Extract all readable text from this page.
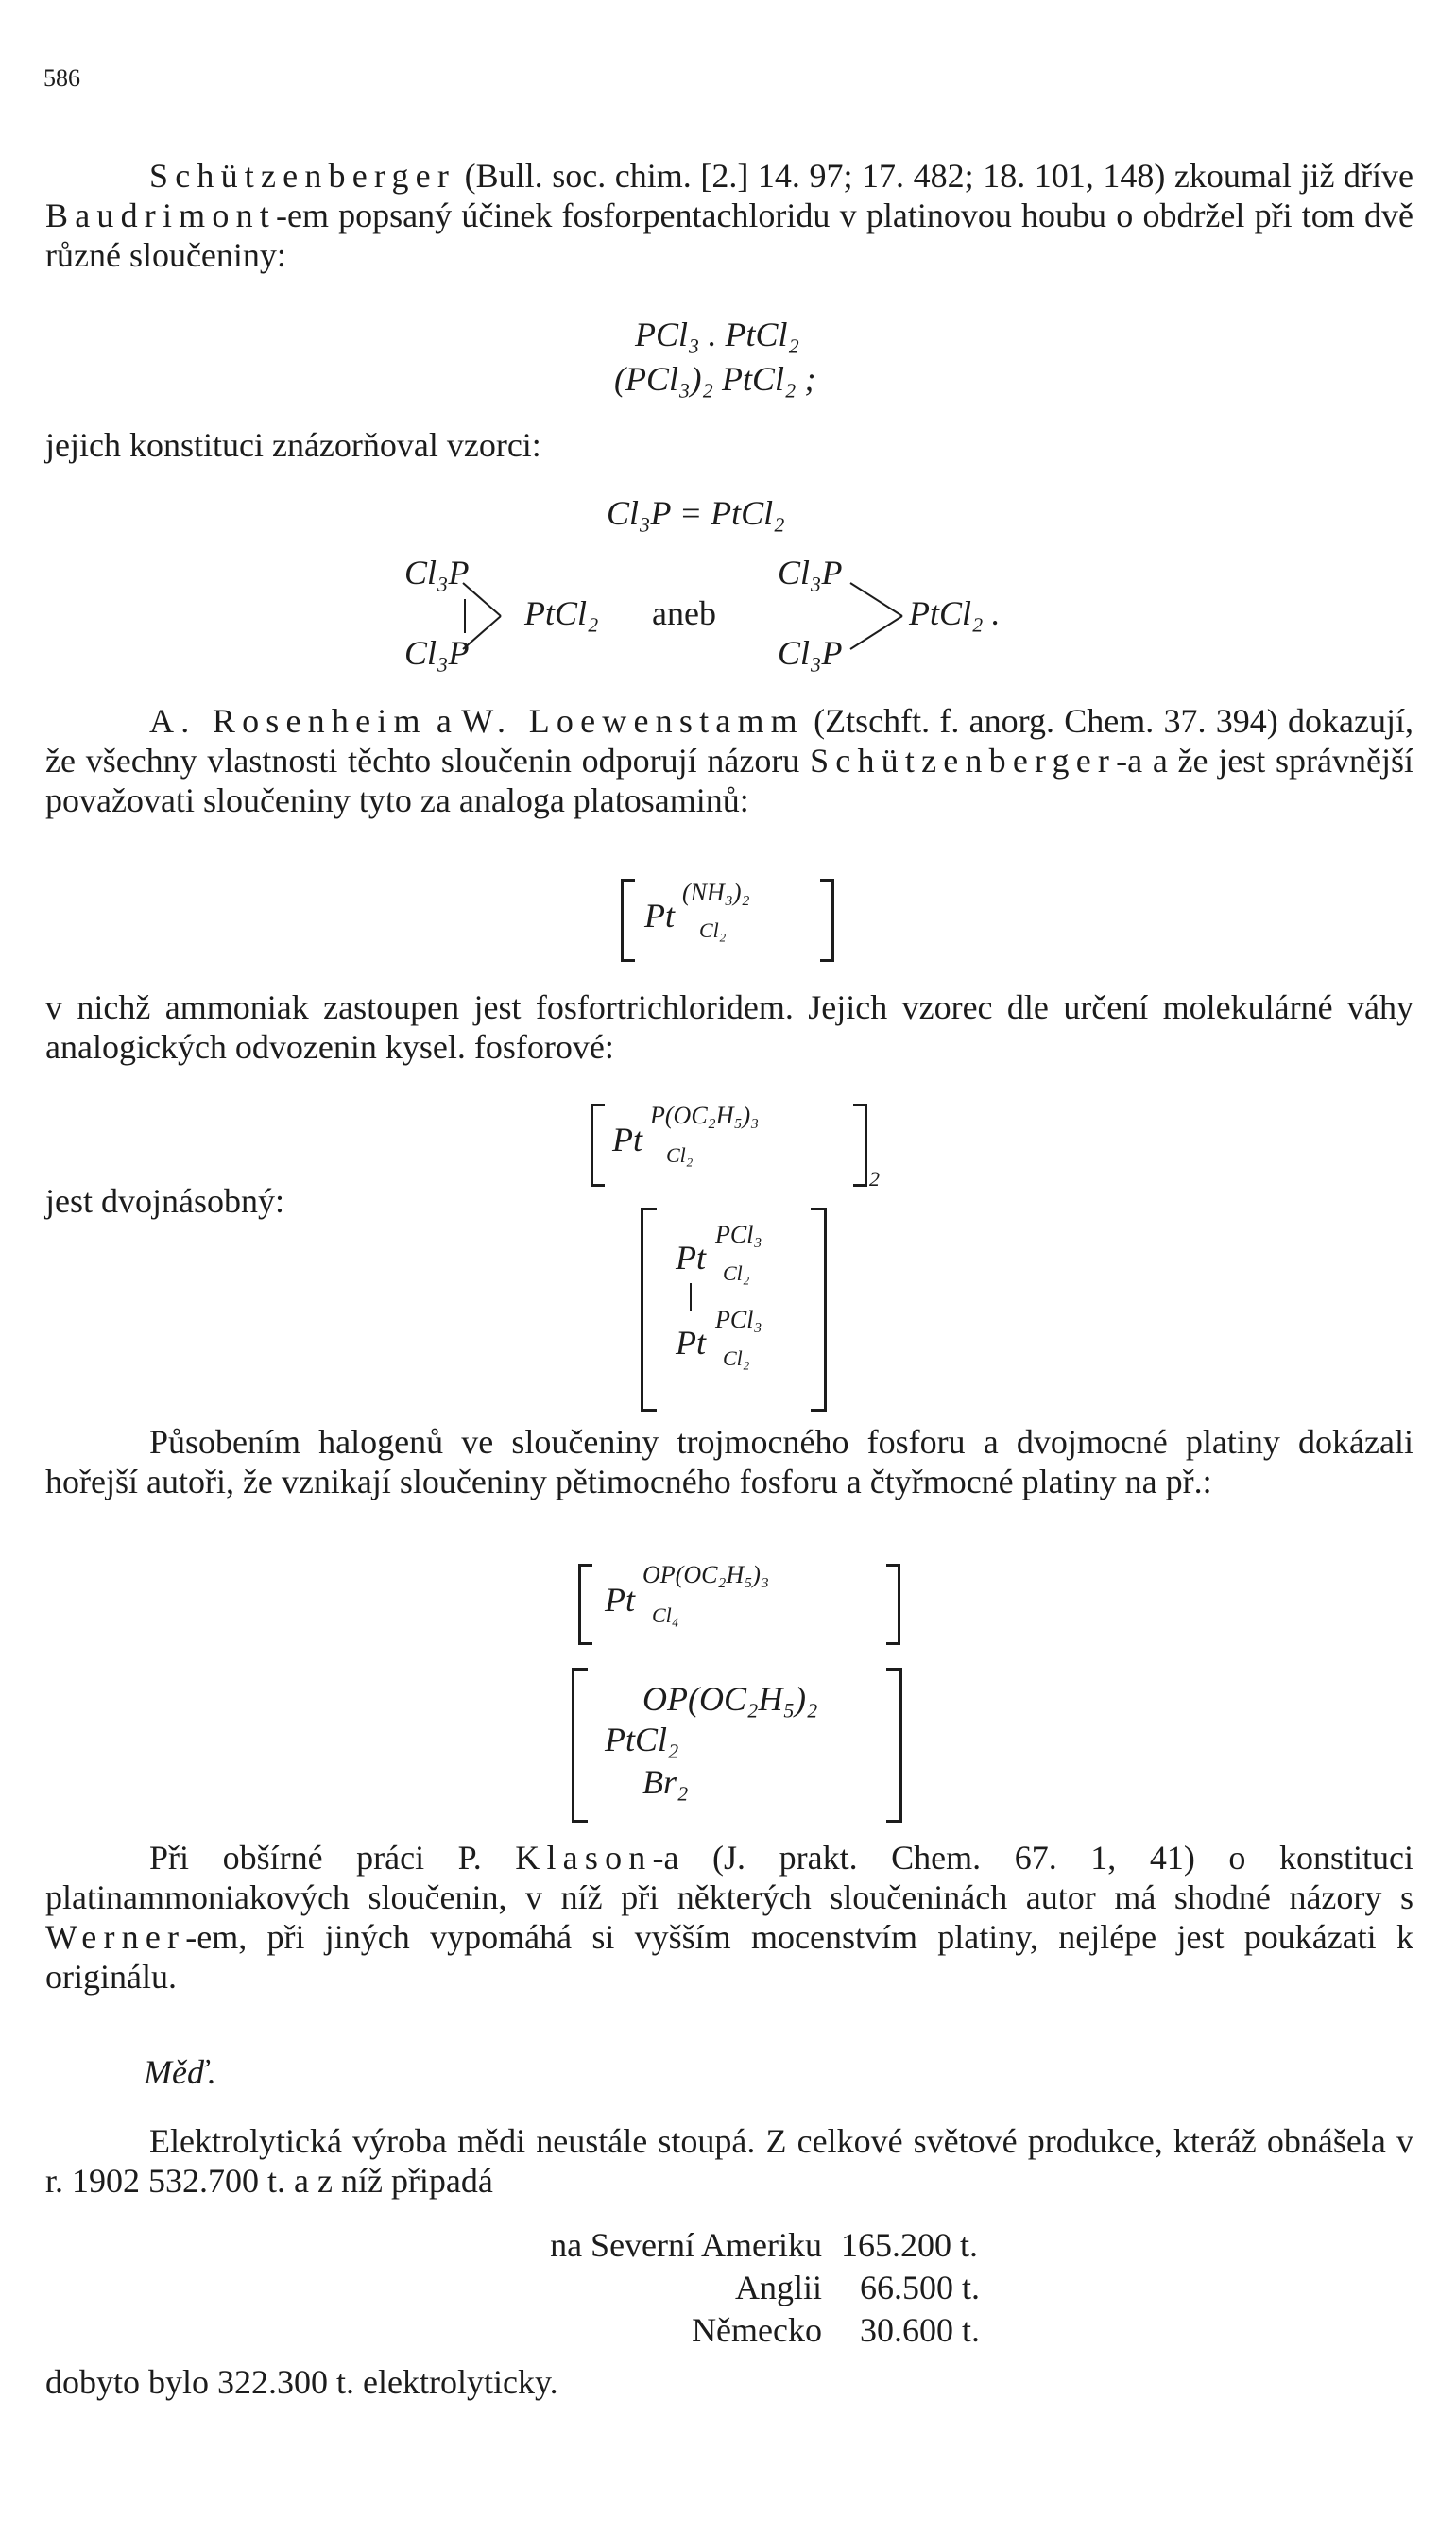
586

Schützenberger (Bull. soc. chim. [2.] 14. 97; 17. 482; 18. 101, 148) zkoumal již dříve Baudrimont-em popsaný účinek fosforpentachloridu v platinovou houbu o obdržel při tom dvě různé sloučeniny:

PCl₃ . PtCl₂
(PCl₃)₂ PtCl₂ ;
jejich konstituci znázorňoval vzorci:
Cl₃P = PtCl₂
Cl₃P
Cl₃P
PtCl₂ aneb
Cl₃P
Cl₃P
PtCl₂ .

A. Rosenheim a W. Loewenstamm (Ztschft. f. anorg. Chem. 37. 394) dokazují, že všechny vlastnosti těchto sloučenin odporují názoru Schützenberger-a a že jest správnější považovati sloučeniny tyto za analoga platosaminů:

Pt
(NH₃)₂
Cl₂

v nichž ammoniak zastoupen jest fosfortrichloridem. Jejich vzorec dle určení molekulárné váhy analogických odvozenin kysel. fosforové:

Pt
P(OC₂H₅)₃
Cl₂
2
jest dvojnásobný:
Pt
PCl₃
Cl₂
Pt
PCl₃
Cl₂

Působením halogenů ve sloučeniny trojmocného fosforu a dvojmocné platiny dokázali hořejší autoři, že vznikají sloučeniny pětimocného fosforu a čtyřmocné platiny na př.:

Pt
OP(OC₂H₅)₃
Cl₄
OP(OC₂H₅)₂
PtCl₂
Br₂

Při obšírné práci P. Klason-a (J. prakt. Chem. 67. 1, 41) o konstituci platinammoniakových sloučenin, v níž při některých sloučeninách autor má shodné názory s Werner-em, při jiných vypomáhá si vyšším mocenstvím platiny, nejlépe jest poukázati k originálu.

Měď.

Elektrolytická výroba mědi neustále stoupá. Z celkové světové produkce, kteráž obnášela v r. 1902 532.700 t. a z níž připadá

na Severní Ameriku 165.200 t.
Anglii 66.500 t.
Německo 30.600 t.
dobyto bylo 322.300 t. elektrolyticky.
